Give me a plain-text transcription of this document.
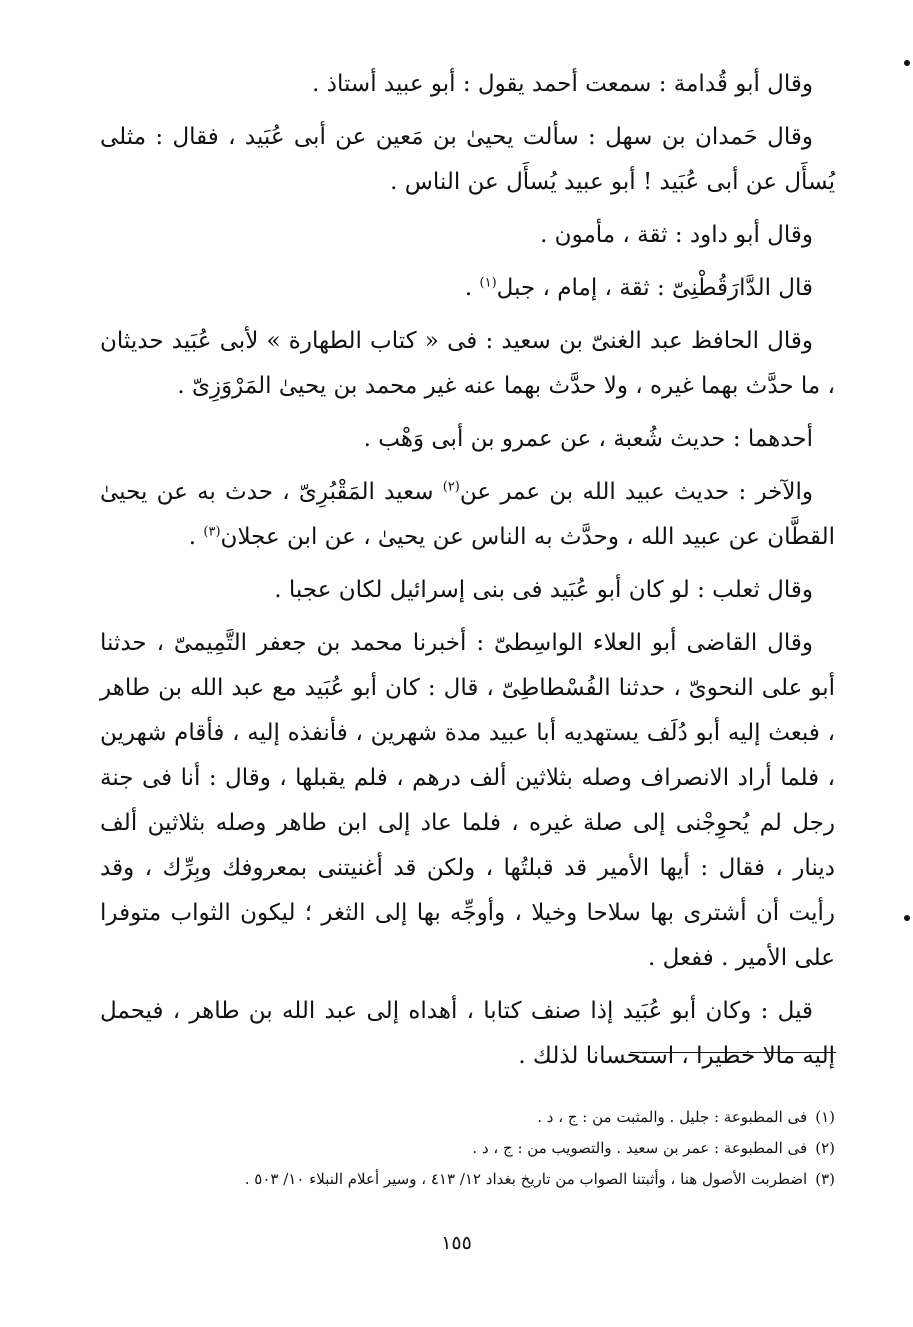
وقال أبو قُدامة : سمعت أحمد يقول : أبو عبيد أستاذ .

وقال حَمدان بن سهل : سألت يحيىٰ بن مَعين عن أبى عُبَيد ، فقال : مثلى يُسأَل عن أبى عُبَيد ! أبو عبيد يُسأَل عن الناس .

وقال أبو داود : ثقة ، مأمون .

قال الدَّارَقُطْنِىّ : ثقة ، إمام ، جبل$^{(١)}$ .

وقال الحافظ عبد الغنىّ بن سعيد : فى « كتاب الطهارة » لأبى عُبَيد حديثان ، ما حدَّث بهما غيره ، ولا حدَّث بهما عنه غير محمد بن يحيىٰ المَرْوَزِىّ .

أحدهما : حديث شُعبة ، عن عمرو بن أبى وَهْب .

والآخر : حديث عبيد الله بن عمر عن$^{(٢)}$ سعيد المَقْبُرِىّ ، حدث به عن يحيىٰ القطَّان عن عبيد الله ، وحدَّث به الناس عن يحيىٰ ، عن ابن عجلان$^{(٣)}$ .

وقال ثعلب : لو كان أبو عُبَيد فى بنى إسرائيل لكان عجبا .

وقال القاضى أبو العلاء الواسِطىّ : أخبرنا محمد بن جعفر التَّمِيمىّ ، حدثنا أبو على النحوىّ ، حدثنا الفُسْطاطِىّ ، قال : كان أبو عُبَيد مع عبد الله بن طاهر ، فبعث إليه أبو دُلَف يستهديه أبا عبيد مدة شهرين ، فأنفذه إليه ، فأقام شهرين ، فلما أراد الانصراف وصله بثلاثين ألف درهم ، فلم يقبلها ، وقال : أنا فى جنة رجل لم يُحوِجْنى إلى صلة غيره ، فلما عاد إلى ابن طاهر وصله بثلاثين ألف دينار ، فقال : أيها الأمير قد قبلتُها ، ولكن قد أغنيتنى بمعروفك وبِرِّك ، وقد رأيت أن أشترى بها سلاحا وخيلا ، وأوجِّه بها إلى الثغر ؛ ليكون الثواب متوفرا على الأمير . ففعل .

قيل : وكان أبو عُبَيد إذا صنف كتابا ، أهداه إلى عبد الله بن طاهر ، فيحمل إليه مالا خطيرا ، استحسانا لذلك .

(١)فى المطبوعة : جليل . والمثبت من : ج ، د .

(٢)فى المطبوعة : عمر بن سعيد . والتصويب من : ج ، د .

(٣)اضطربت الأصول هنا ، وأثبتنا الصواب من تاريخ بغداد ١٢/ ٤١٣ ، وسير أعلام النبلاء ١٠/ ٥٠٣ .

١٥٥
